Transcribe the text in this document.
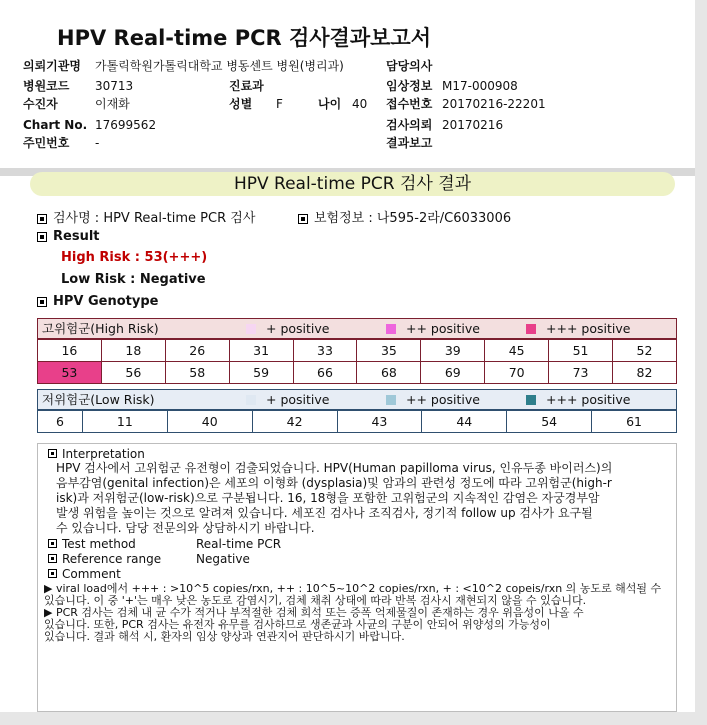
HPV Real-time PCR 검사결과보고서
의뢰기관명 가톨릭학원가톨릭대학교 병동센트 병원(병리과)
병원코드 30713
수진자	이재화
Chart No. 17699562
주민번호 -
진료과
성별 F	나이 40
담당의사
임상정보 M17-000908
접수번호 20170216-22201
검사의뢰 20170216
결과보고
HPV Real-time PCR 검사 결과
검사명 : HPV Real-time PCR 검사	보험정보 : 나595-2라/C6033006
Result
High Risk : 53(+++)
Low Risk : Negative
HPV Genotype
고위험군(High Risk)	+ positive	++ positive	+++ positive
16	18	26	31	33	35	39	45	51	52
53	56	58	59	66	68	69	70	73	82
저위험군(Low Risk)	+ positive	++ positive	+++ positive
6	11	40	42	43	44	54	61
Interpretation
HPV 검사에서 고위험군 유전형이 검출되었습니다. HPV(Human papilloma virus, 인유두종 바이러스)의
음부감염(genital infection)은 세포의 이형화 (dysplasia)및 암과의 관련성 정도에 따라 고위험군(high-r
isk)과 저위험군(low-risk)으로 구분됩니다. 16, 18형을 포함한 고위험군의 지속적인 감염은 자궁경부암
발생 위험을 높이는 것으로 알려져 있습니다. 세포진 검사나 조직검사, 정기적 follow up 검사가 요구될
수 있습니다. 담당 전문의와 상담하시기 바랍니다.
Test method	Real-time PCR
Reference range	Negative
Comment
▶ viral load에서 +++ : >10^5 copies/rxn, ++ : 10^5~10^2 copies/rxn, + : <10^2 copeis/rxn 의 농도로 해석될 수
있습니다. 이 중 '+'는 매우 낮은 농도로 감염시기, 검체 채취 상태에 따라 반복 검사시 재현되지 않을 수 있습니다.
▶ PCR 검사는 검체 내 균 수가 적거나 부적절한 검체 희석 또는 증폭 억제물질이 존재하는 경우 위음성이 나올 수
있습니다. 또한, PCR 검사는 유전자 유무를 검사하므로 생존균과 사균의 구분이 안되어 위양성의 가능성이
있습니다. 결과 해석 시, 환자의 임상 양상과 연관지어 판단하시기 바랍니다.
